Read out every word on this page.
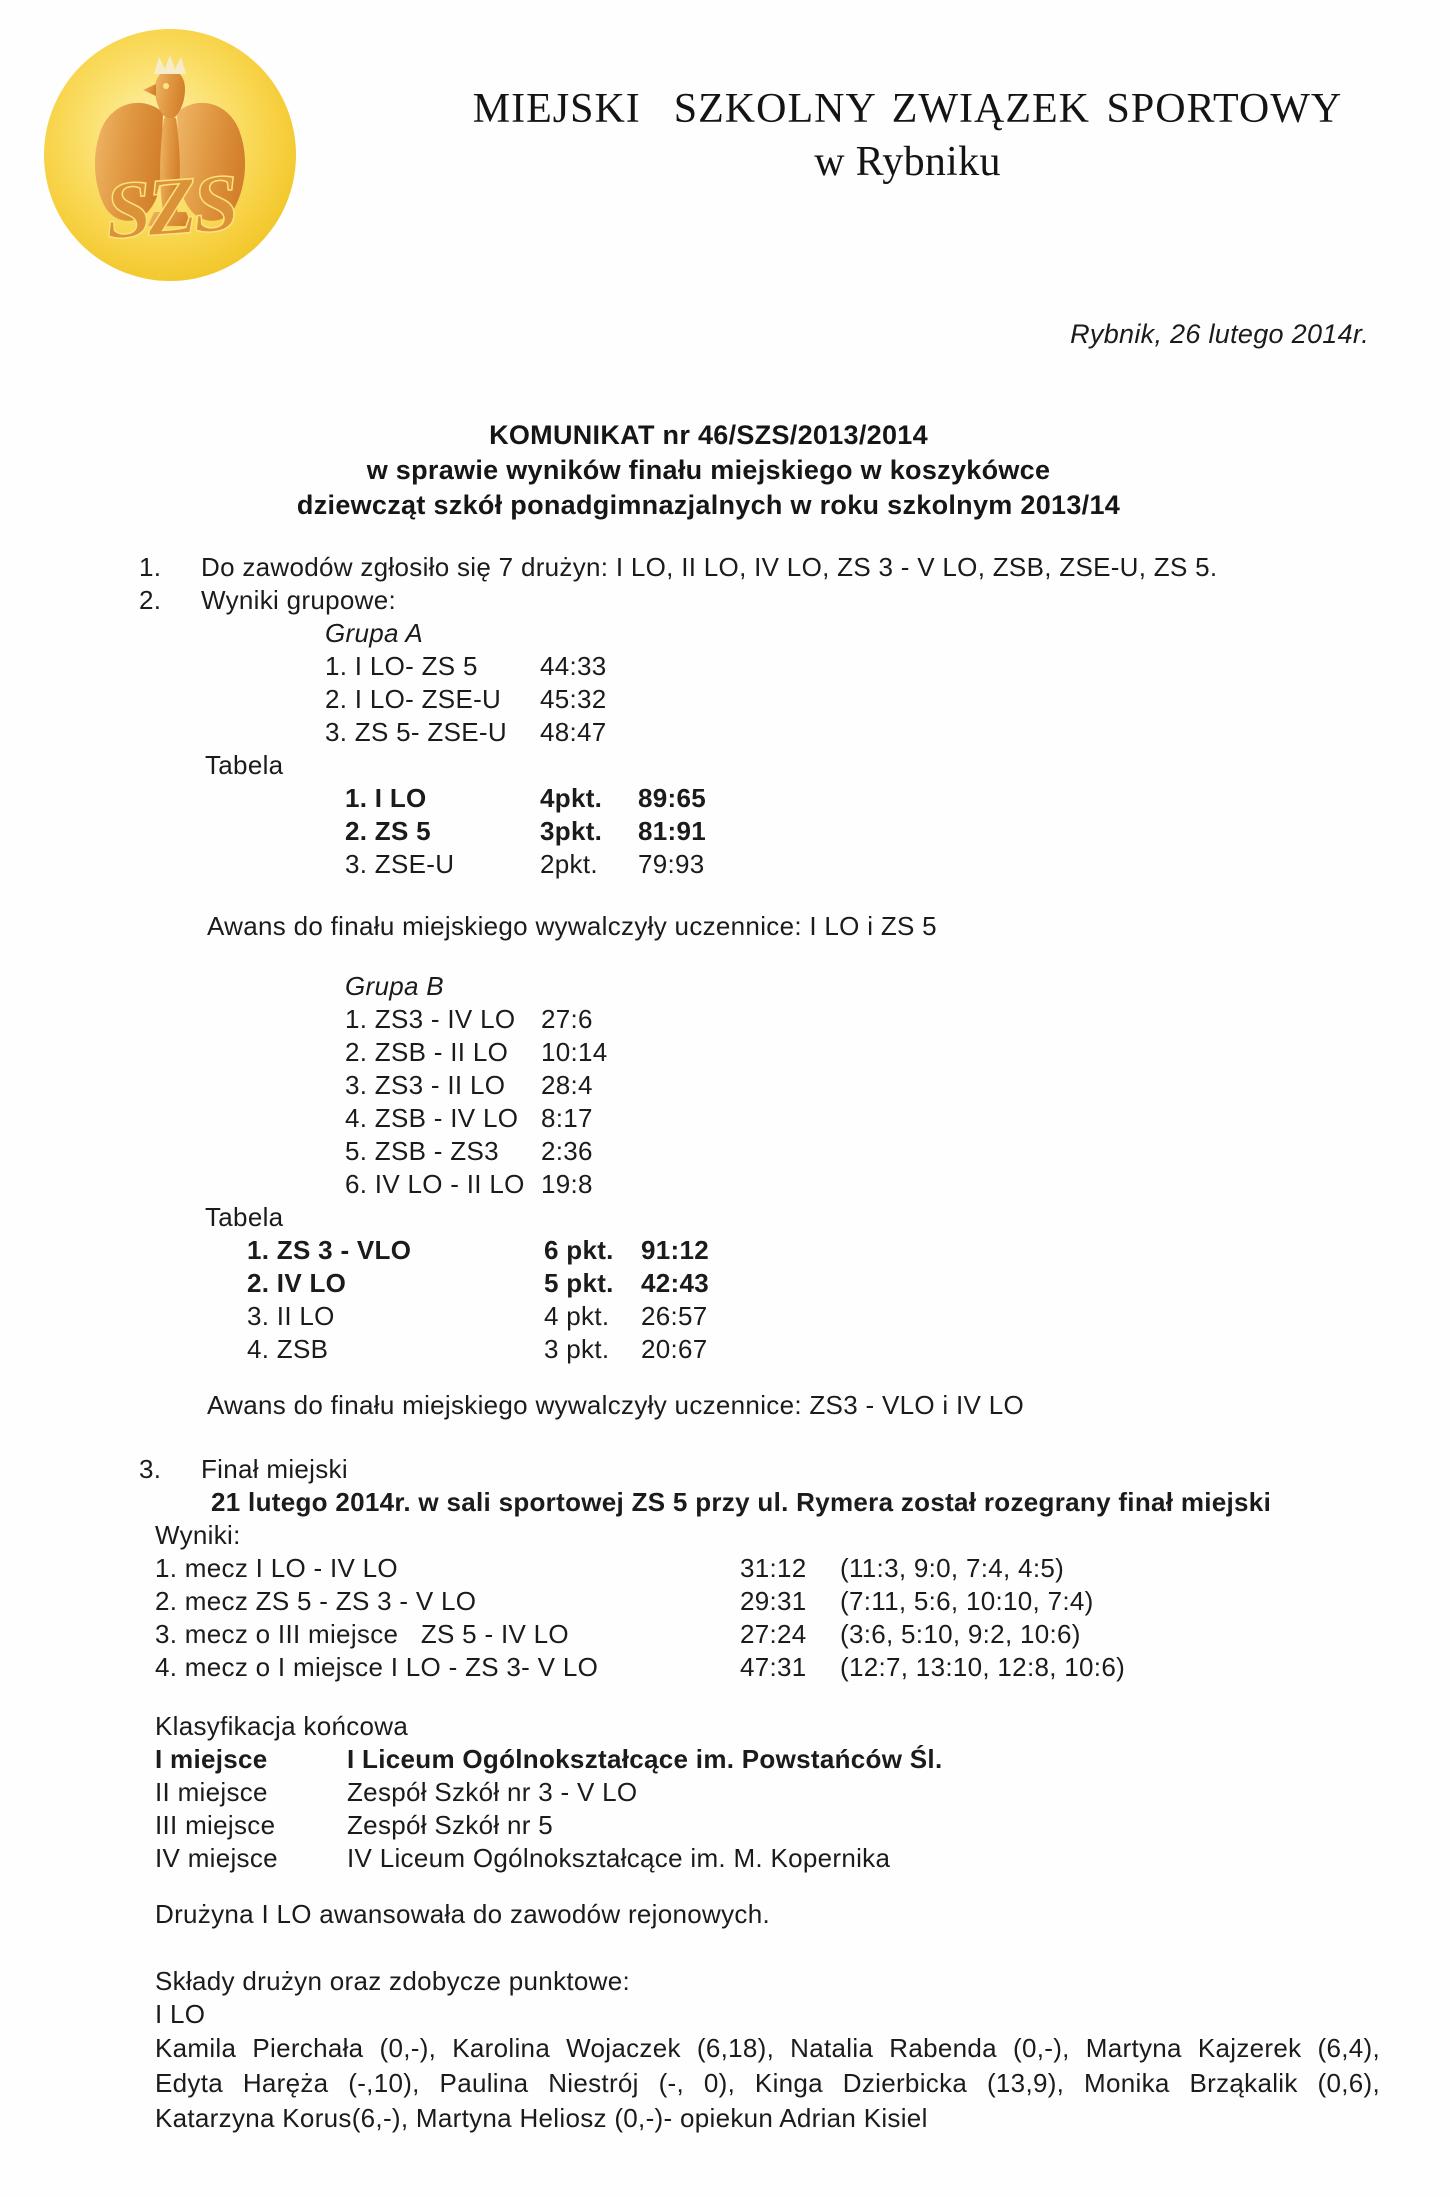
SZS
MIEJSKI  SZKOLNY ZWIĄZEK SPORTOWY
w Rybniku
Rybnik, 26 lutego 2014r.
KOMUNIKAT nr 46/SZS/2013/2014
w sprawie wyników finału miejskiego w koszykówce
dziewcząt szkół ponadgimnazjalnych w roku szkolnym 2013/14
1.	Do zawodów zgłosiło się 7 drużyn: I LO, II LO, IV LO, ZS 3 - V LO, ZSB, ZSE-U, ZS 5.
2.	Wyniki grupowe:
Grupa A
1. I LO- ZS 5	44:33
2. I LO- ZSE-U	45:32
3. ZS 5- ZSE-U	48:47
Tabela
1. I LO	4pkt.	89:65
2. ZS 5	3pkt.	81:91
3. ZSE-U	2pkt.	79:93
Awans do finału miejskiego wywalczyły uczennice: I LO i ZS 5
Grupa B
1. ZS3 - IV LO 27:6
2. ZSB - II LO	10:14
3. ZS3 - II LO	28:4
4. ZSB - IV LO 8:17
5. ZSB - ZS3	2:36
6. IV LO - II LO 19:8
Tabela
1. ZS 3 - VLO	6 pkt.	91:12
2. IV LO	5 pkt.	42:43
3. II LO	4 pkt.	26:57
4. ZSB	3 pkt.	20:67
Awans do finału miejskiego wywalczyły uczennice: ZS3 - VLO i IV LO
3.	Finał miejski
21 lutego 2014r. w sali sportowej ZS 5 przy ul. Rymera został rozegrany finał miejski
Wyniki:
1. mecz I LO - IV LO	31:12	(11:3, 9:0, 7:4, 4:5)
2. mecz ZS 5 - ZS 3 - V LO	29:31	(7:11, 5:6, 10:10, 7:4)
3. mecz o III miejsce   ZS 5 - IV LO	27:24	(3:6, 5:10, 9:2, 10:6)
4. mecz o I miejsce I LO - ZS 3- V LO	47:31	(12:7, 13:10, 12:8, 10:6)
Klasyfikacja końcowa
I miejsce	I Liceum Ogólnokształcące im. Powstańców Śl.
II miejsce	Zespół Szkół nr 3 - V LO
III miejsce	Zespół Szkół nr 5
IV miejsce	IV Liceum Ogólnokształcące im. M. Kopernika
Drużyna I LO awansowała do zawodów rejonowych.
Składy drużyn oraz zdobycze punktowe:
I LO
Kamila Pierchała (0,-), Karolina Wojaczek (6,18), Natalia Rabenda (0,-), Martyna Kajzerek (6,4),
Edyta Haręża (-,10), Paulina Niestrój (-, 0), Kinga Dzierbicka (13,9), Monika Brząkalik (0,6),
Katarzyna Korus(6,-), Martyna Heliosz (0,-)- opiekun Adrian Kisiel
